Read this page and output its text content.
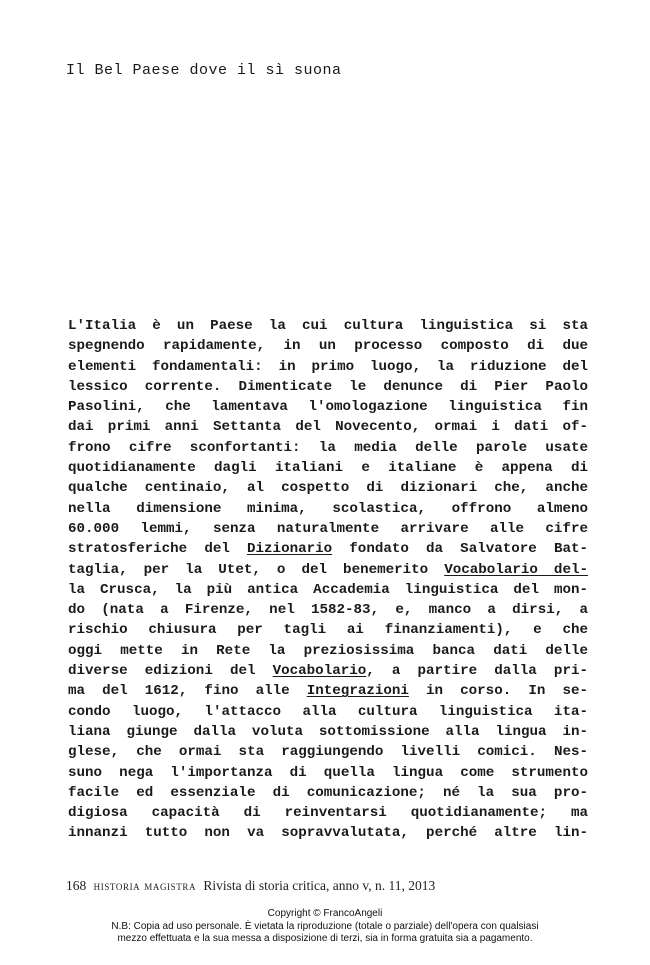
Il Bel Paese dove il sì suona
L'Italia è un Paese la cui cultura linguistica si sta
spegnendo rapidamente, in un processo composto di due
elementi fondamentali: in primo luogo, la riduzione del
lessico corrente. Dimenticate le denunce di Pier Paolo
Pasolini, che lamentava l'omologazione linguistica fin
dai primi anni Settanta del Novecento, ormai i dati of-
frono cifre sconfortanti: la media delle parole usate
quotidianamente dagli italiani e italiane è appena di
qualche centinaio, al cospetto di dizionari che, anche
nella dimensione minima, scolastica, offrono almeno
60.000 lemmi, senza naturalmente arrivare alle cifre
stratosferiche del Dizionario fondato da Salvatore Bat-
taglia, per la Utet, o del benemerito Vocabolario del-
la Crusca, la più antica Accademia linguistica del mon-
do (nata a Firenze, nel 1582-83, e, manco a dirsi, a
rischio chiusura per tagli ai finanziamenti), e che
oggi mette in Rete la preziosissima banca dati delle
diverse edizioni del Vocabolario, a partire dalla pri-
ma del 1612, fino alle Integrazioni in corso. In se-
condo luogo, l'attacco alla cultura linguistica ita-
liana giunge dalla voluta sottomissione alla lingua in-
glese, che ormai sta raggiungendo livelli comici. Nes-
suno nega l'importanza di quella lingua come strumento
facile ed essenziale di comunicazione; né la sua pro-
digiosa capacità di reinventarsi quotidianamente; ma
innanzi tutto non va sopravvalutata, perché altre lin-
168 historia magistra Rivista di storia critica, anno v, n. 11, 2013
Copyright © FrancoAngeli
N.B: Copia ad uso personale. È vietata la riproduzione (totale o parziale) dell'opera con qualsiasi
mezzo effettuata e la sua messa a disposizione di terzi, sia in forma gratuita sia a pagamento.
